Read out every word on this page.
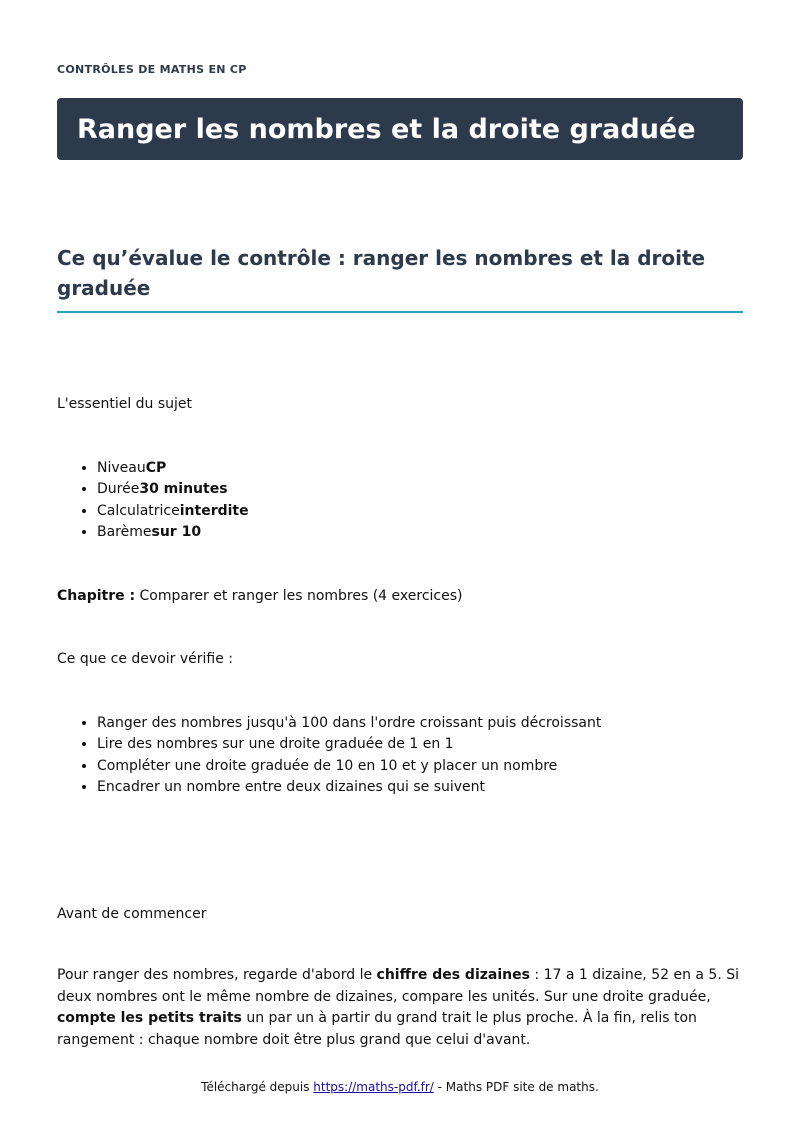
CONTRÔLES DE MATHS EN CP
Ranger les nombres et la droite graduée
Ce qu’évalue le contrôle : ranger les nombres et la droite graduée

L'essentiel du sujet

• NiveauCP
• Durée30 minutes
• Calculatriceinterdite
• Barèmesur 10

Chapitre : Comparer et ranger les nombres (4 exercices)

Ce que ce devoir vérifie :

• Ranger des nombres jusqu'à 100 dans l'ordre croissant puis décroissant
• Lire des nombres sur une droite graduée de 1 en 1
• Compléter une droite graduée de 10 en 10 et y placer un nombre
• Encadrer un nombre entre deux dizaines qui se suivent

Avant de commencer

Pour ranger des nombres, regarde d'abord le chiffre des dizaines : 17 a 1 dizaine, 52 en a 5. Si deux nombres ont le même nombre de dizaines, compare les unités. Sur une droite graduée, compte les petits traits un par un à partir du grand trait le plus proche. À la fin, relis ton rangement : chaque nombre doit être plus grand que celui d'avant.

Téléchargé depuis https://maths-pdf.fr/ - Maths PDF site de maths.
